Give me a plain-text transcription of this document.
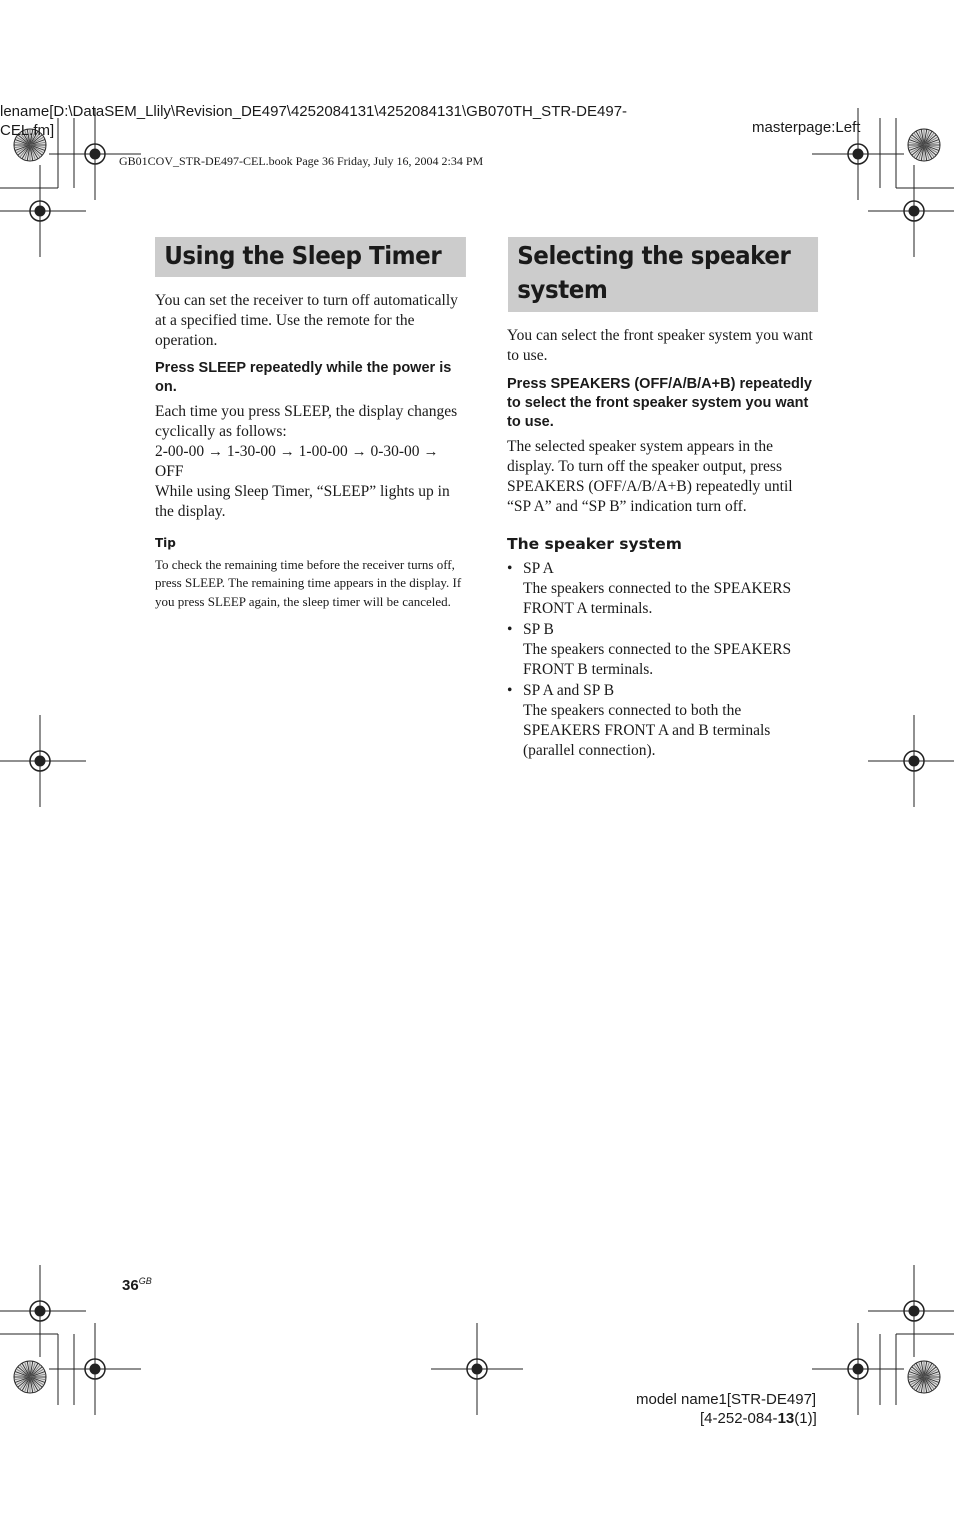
lename[D:\DataSEM_Llily\Revision_DE497\4252084131\4252084131\GB070TH_STR-DE497-
CEL.fm]	masterpage:Left
GB01COV_STR-DE497-CEL.book Page 36 Friday, July 16, 2004 2:34 PM
Using the Sleep Timer	Selecting the speaker system

You can set the receiver to turn off automatically at a specified time. Use the remote for the operation.

Press SLEEP repeatedly while the power is on.

Each time you press SLEEP, the display changes cyclically as follows:

2-00-00 → 1-30-00 → 1-00-00 → 0-30-00 → OFF

While using Sleep Timer, “SLEEP” lights up in the display.

Tip

To check the remaining time before the receiver turns off, press SLEEP. The remaining time appears in the display. If you press SLEEP again, the sleep timer will be canceled.

You can select the front speaker system you want to use.

Press SPEAKERS (OFF/A/B/A+B) repeatedly to select the front speaker system you want to use.

The selected speaker system appears in the display. To turn off the speaker output, press SPEAKERS (OFF/A/B/A+B) repeatedly until “SP A” and “SP B” indication turn off.

The speaker system
• SP A
The speakers connected to the SPEAKERS FRONT A terminals.
• SP B
The speakers connected to the SPEAKERS FRONT B terminals.
• SP A and SP B
The speakers connected to both the SPEAKERS FRONT A and B terminals (parallel connection).
$36^{GB}$
model name1[STR-DE497]
[4-252-084-13(1)]
